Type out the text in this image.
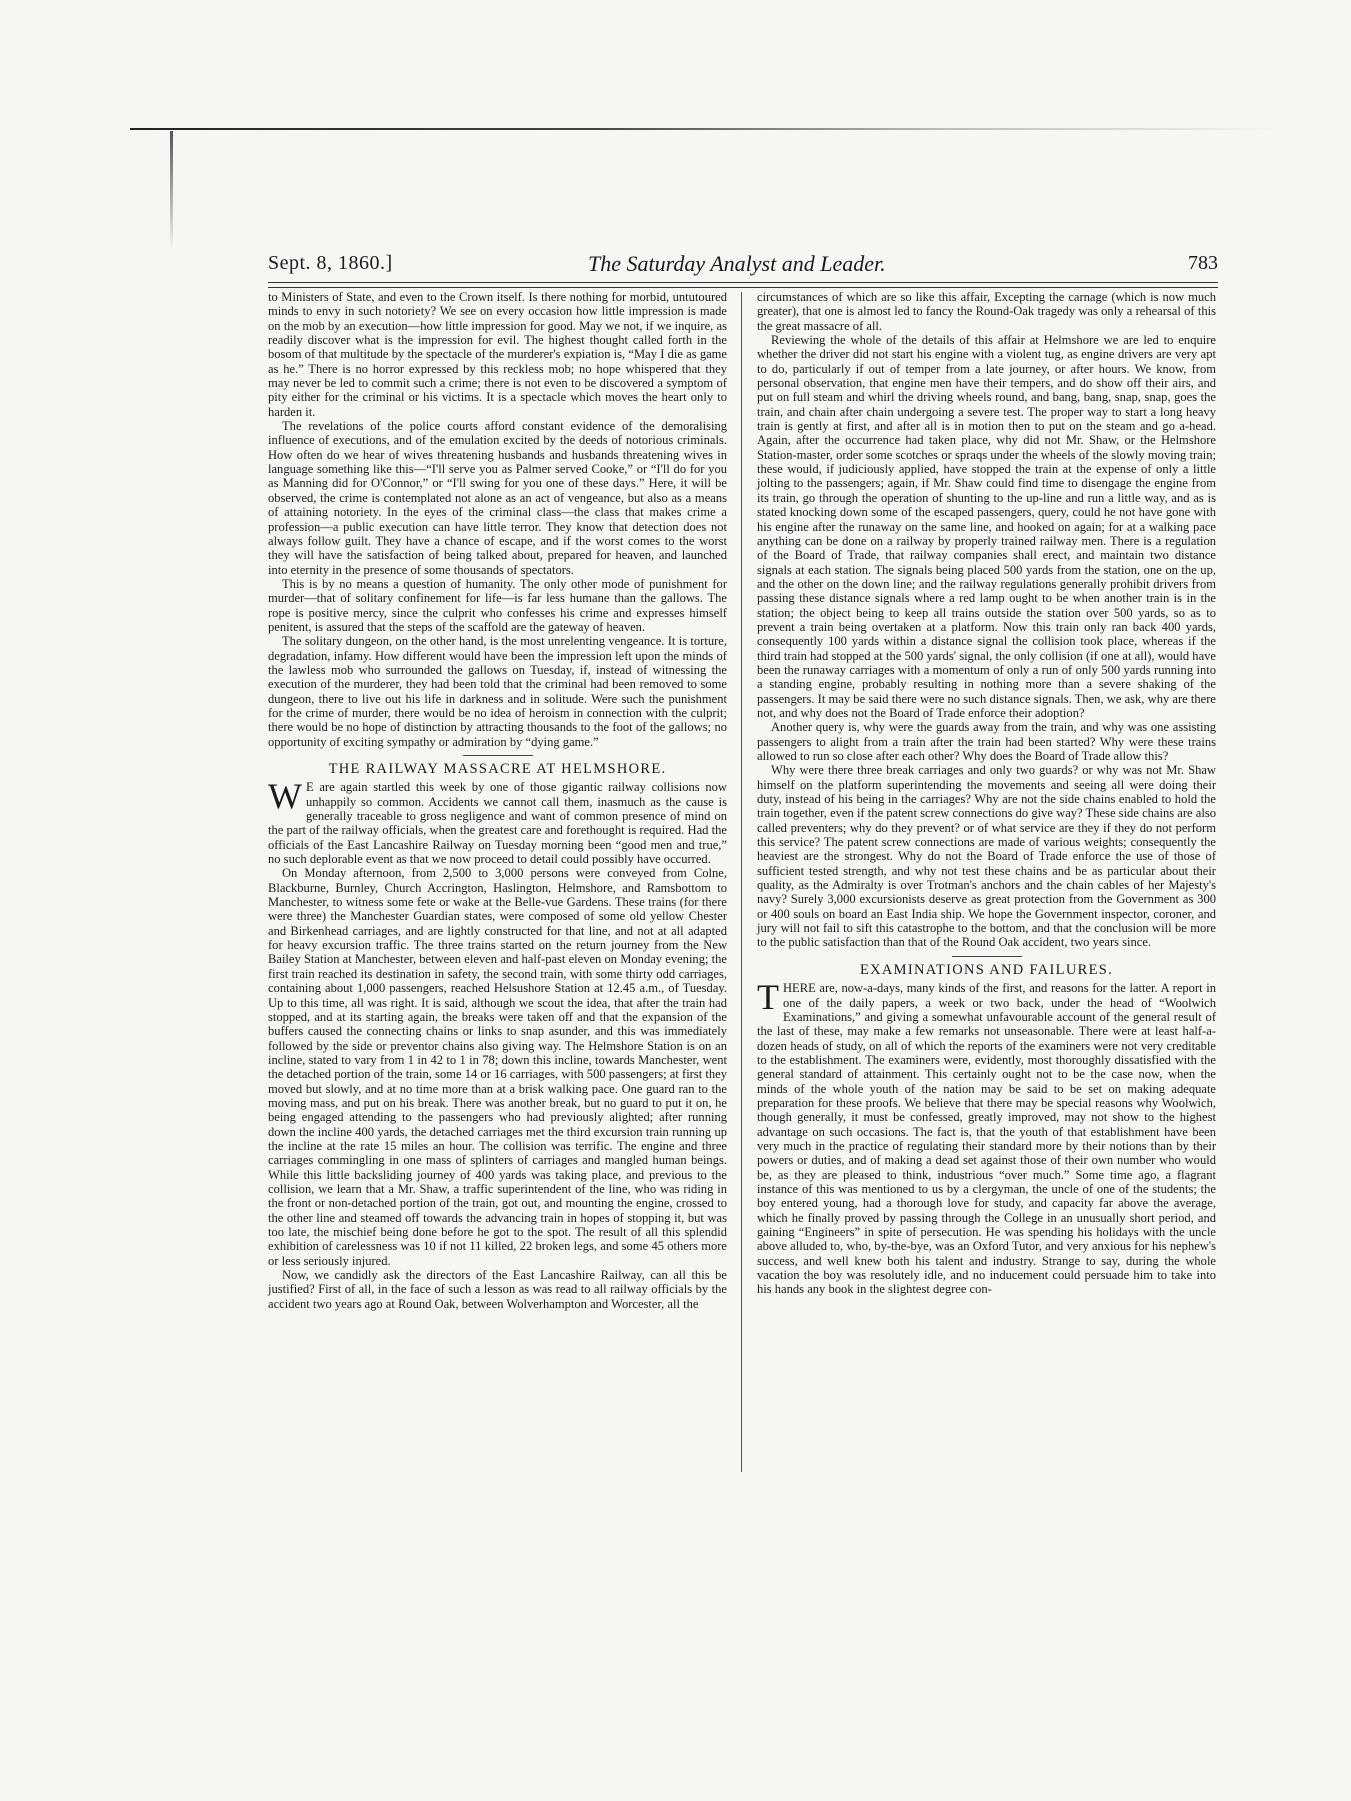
Sept. 8, 1860.]	The Saturday Analyst and Leader.	783

to Ministers of State, and even to the Crown itself. Is there nothing for morbid, untutoured minds to envy in such notoriety? We see on every occasion how little impression is made on the mob by an execution—how little impression for good. May we not, if we inquire, as readily discover what is the impression for evil. The highest thought called forth in the bosom of that multitude by the spectacle of the murderer's expiation is, “May I die as game as he.” There is no horror expressed by this reckless mob; no hope whispered that they may never be led to commit such a crime; there is not even to be discovered a symptom of pity either for the criminal or his victims. It is a spectacle which moves the heart only to harden it.

The revelations of the police courts afford constant evidence of the demoralising influence of executions, and of the emulation excited by the deeds of notorious criminals. How often do we hear of wives threatening husbands and husbands threatening wives in language something like this—“I'll serve you as Palmer served Cooke,” or “I'll do for you as Manning did for O'Connor,” or “I'll swing for you one of these days.” Here, it will be observed, the crime is contemplated not alone as an act of vengeance, but also as a means of attaining notoriety. In the eyes of the criminal class—the class that makes crime a profession—a public execution can have little terror. They know that detection does not always follow guilt. They have a chance of escape, and if the worst comes to the worst they will have the satisfaction of being talked about, prepared for heaven, and launched into eternity in the presence of some thousands of spectators.

This is by no means a question of humanity. The only other mode of punishment for murder—that of solitary confinement for life—is far less humane than the gallows. The rope is positive mercy, since the culprit who confesses his crime and expresses himself penitent, is assured that the steps of the scaffold are the gateway of heaven.

The solitary dungeon, on the other hand, is the most unrelenting vengeance. It is torture, degradation, infamy. How different would have been the impression left upon the minds of the lawless mob who surrounded the gallows on Tuesday, if, instead of witnessing the execution of the murderer, they had been told that the criminal had been removed to some dungeon, there to live out his life in darkness and in solitude. Were such the punishment for the crime of murder, there would be no idea of heroism in connection with the culprit; there would be no hope of distinction by attracting thousands to the foot of the gallows; no opportunity of exciting sympathy or admiration by “dying game.”

THE RAILWAY MASSACRE AT HELMSHORE.

W E are again startled this week by one of those gigantic railway collisions now unhappily so common. Accidents we cannot call them, inasmuch as the cause is generally traceable to gross negligence and want of common presence of mind on the part of the railway officials, when the greatest care and forethought is required. Had the officials of the East Lancashire Railway on Tuesday morning been “good men and true,” no such deplorable event as that we now proceed to detail could possibly have occurred.

On Monday afternoon, from 2,500 to 3,000 persons were conveyed from Colne, Blackburne, Burnley, Church Accrington, Haslington, Helmshore, and Ramsbottom to Manchester, to witness some fete or wake at the Belle-vue Gardens. These trains (for there were three) the Manchester Guardian states, were composed of some old yellow Chester and Birkenhead carriages, and are lightly constructed for that line, and not at all adapted for heavy excursion traffic. The three trains started on the return journey from the New Bailey Station at Manchester, between eleven and half-past eleven on Monday evening; the first train reached its destination in safety, the second train, with some thirty odd carriages, containing about 1,000 passengers, reached Helsushore Station at 12.45 a.m., of Tuesday. Up to this time, all was right. It is said, although we scout the idea, that after the train had stopped, and at its starting again, the breaks were taken off and that the expansion of the buffers caused the connecting chains or links to snap asunder, and this was immediately followed by the side or preventor chains also giving way. The Helmshore Station is on an incline, stated to vary from 1 in 42 to 1 in 78; down this incline, towards Manchester, went the detached portion of the train, some 14 or 16 carriages, with 500 passengers; at first they moved but slowly, and at no time more than at a brisk walking pace. One guard ran to the moving mass, and put on his break. There was another break, but no guard to put it on, he being engaged attending to the passengers who had previously alighted; after running down the incline 400 yards, the detached carriages met the third excursion train running up the incline at the rate 15 miles an hour. The collision was terrific. The engine and three carriages commingling in one mass of splinters of carriages and mangled human beings. While this little backsliding journey of 400 yards was taking place, and previous to the collision, we learn that a Mr. Shaw, a traffic superintendent of the line, who was riding in the front or non-detached portion of the train, got out, and mounting the engine, crossed to the other line and steamed off towards the advancing train in hopes of stopping it, but was too late, the mischief being done before he got to the spot. The result of all this splendid exhibition of carelessness was 10 if not 11 killed, 22 broken legs, and some 45 others more or less seriously injured.

Now, we candidly ask the directors of the East Lancashire Railway, can all this be justified? First of all, in the face of such a lesson as was read to all railway officials by the accident two years ago at Round Oak, between Wolverhampton and Worcester, all the

circumstances of which are so like this affair, Excepting the carnage (which is now much greater), that one is almost led to fancy the Round-Oak tragedy was only a rehearsal of this the great massacre of all.

Reviewing the whole of the details of this affair at Helmshore we are led to enquire whether the driver did not start his engine with a violent tug, as engine drivers are very apt to do, particularly if out of temper from a late journey, or after hours. We know, from personal observation, that engine men have their tempers, and do show off their airs, and put on full steam and whirl the driving wheels round, and bang, bang, snap, snap, goes the train, and chain after chain undergoing a severe test. The proper way to start a long heavy train is gently at first, and after all is in motion then to put on the steam and go a-head. Again, after the occurrence had taken place, why did not Mr. Shaw, or the Helmshore Station-master, order some scotches or spraqs under the wheels of the slowly moving train; these would, if judiciously applied, have stopped the train at the expense of only a little jolting to the passengers; again, if Mr. Shaw could find time to disengage the engine from its train, go through the operation of shunting to the up-line and run a little way, and as is stated knocking down some of the escaped passengers, query, could he not have gone with his engine after the runaway on the same line, and hooked on again; for at a walking pace anything can be done on a railway by properly trained railway men. There is a regulation of the Board of Trade, that railway companies shall erect, and maintain two distance signals at each station. The signals being placed 500 yards from the station, one on the up, and the other on the down line; and the railway regulations generally prohibit drivers from passing these distance signals where a red lamp ought to be when another train is in the station; the object being to keep all trains outside the station over 500 yards, so as to prevent a train being overtaken at a platform. Now this train only ran back 400 yards, consequently 100 yards within a distance signal the collision took place, whereas if the third train had stopped at the 500 yards' signal, the only collision (if one at all), would have been the runaway carriages with a momentum of only a run of only 500 yards running into a standing engine, probably resulting in nothing more than a severe shaking of the passengers. It may be said there were no such distance signals. Then, we ask, why are there not, and why does not the Board of Trade enforce their adoption?

Another query is, why were the guards away from the train, and why was one assisting passengers to alight from a train after the train had been started? Why were these trains allowed to run so close after each other? Why does the Board of Trade allow this?

Why were there three break carriages and only two guards? or why was not Mr. Shaw himself on the platform superintending the movements and seeing all were doing their duty, instead of his being in the carriages? Why are not the side chains enabled to hold the train together, even if the patent screw connections do give way? These side chains are also called preventers; why do they prevent? or of what service are they if they do not perform this service? The patent screw connections are made of various weights; consequently the heaviest are the strongest. Why do not the Board of Trade enforce the use of those of sufficient tested strength, and why not test these chains and be as particular about their quality, as the Admiralty is over Trotman's anchors and the chain cables of her Majesty's navy? Surely 3,000 excursionists deserve as great protection from the Government as 300 or 400 souls on board an East India ship. We hope the Government inspector, coroner, and jury will not fail to sift this catastrophe to the bottom, and that the conclusion will be more to the public satisfaction than that of the Round Oak accident, two years since.

EXAMINATIONS AND FAILURES.

THERE are, now-a-days, many kinds of the first, and reasons for the latter. A report in one of the daily papers, a week or two back, under the head of “Woolwich Examinations,” and giving a somewhat unfavourable account of the general result of the last of these, may make a few remarks not unseasonable. There were at least half-a-dozen heads of study, on all of which the reports of the examiners were not very creditable to the establishment. The examiners were, evidently, most thoroughly dissatisfied with the general standard of attainment. This certainly ought not to be the case now, when the minds of the whole youth of the nation may be said to be set on making adequate preparation for these proofs. We believe that there may be special reasons why Woolwich, though generally, it must be confessed, greatly improved, may not show to the highest advantage on such occasions. The fact is, that the youth of that establishment have been very much in the practice of regulating their standard more by their notions than by their powers or duties, and of making a dead set against those of their own number who would be, as they are pleased to think, industrious “over much.” Some time ago, a flagrant instance of this was mentioned to us by a clergyman, the uncle of one of the students; the boy entered young, had a thorough love for study, and capacity far above the average, which he finally proved by passing through the College in an unusually short period, and gaining “Engineers” in spite of persecution. He was spending his holidays with the uncle above alluded to, who, by-the-bye, was an Oxford Tutor, and very anxious for his nephew's success, and well knew both his talent and industry. Strange to say, during the whole vacation the boy was resolutely idle, and no inducement could persuade him to take into his hands any book in the slightest degree con-
